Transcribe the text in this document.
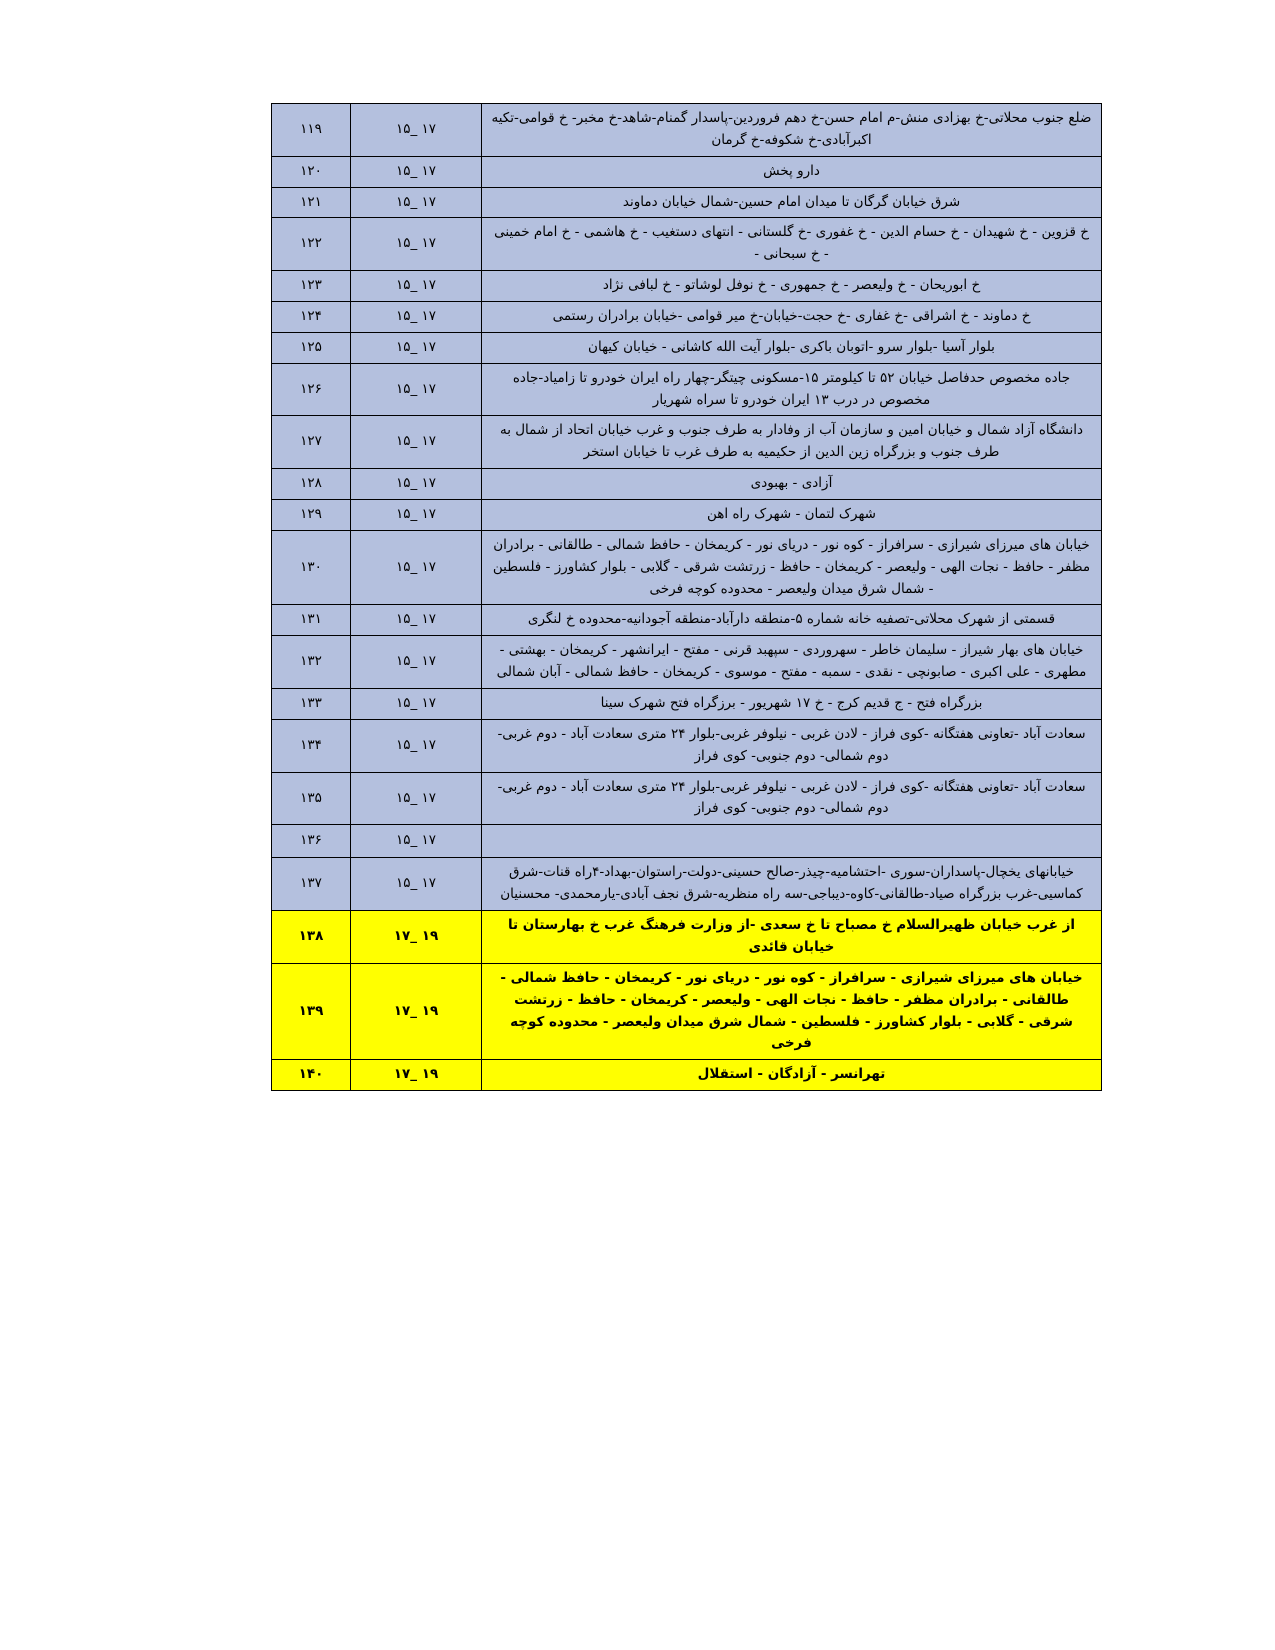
ضلع جنوب محلاتی-خ بهزادی منش-م امام حسن-خ دهم فروردین-پاسدار گمنام-شاهد-خ مخبر- خ قوامی-تکیه اکبرآبادی-خ شکوفه-خ گرمان	۱۷ _۱۵	۱۱۹
دارو پخش	۱۷ _۱۵	۱۲۰
شرق خیابان گرگان تا میدان امام حسین-شمال خیابان دماوند	۱۷ _۱۵	۱۲۱
خ قزوین - خ شهیدان - خ حسام الدین - خ غفوری -خ گلستانی - انتهای دستغیب - خ هاشمی - خ امام خمینی - خ سبحانی -	۱۷ _۱۵	۱۲۲
خ ابوریحان - خ ولیعصر - خ جمهوری - خ نوفل لوشاتو - خ لبافی نژاد	۱۷ _۱۵	۱۲۳
خ دماوند - خ اشراقی -خ غفاری -خ حجت-خیابان-خ میر قوامی -خیابان برادران رستمی	۱۷ _۱۵	۱۲۴
بلوار آسیا -بلوار سرو -اتوبان باکری -بلوار آیت الله کاشانی - خیابان کیهان	۱۷ _۱۵	۱۲۵
جاده مخصوص حدفاصل خیابان ۵۲ تا کیلومتر ۱۵-مسکونی چیتگر-چهار راه ایران خودرو تا زامیاد-جاده مخصوص در درب ۱۳ ایران خودرو تا سراه شهریار	۱۷ _۱۵	۱۲۶
دانشگاه آزاد شمال و خیابان امین و سازمان آب از وفادار به طرف جنوب و غرب خیابان اتحاد از شمال به طرف جنوب و بزرگراه زین الدین از حکیمیه به طرف غرب تا خیابان استخر	۱۷ _۱۵	۱۲۷
آزادی - بهبودی	۱۷ _۱۵	۱۲۸
شهرک لتمان - شهرک راه اهن	۱۷ _۱۵	۱۲۹
خیابان های میرزای شیرازی - سرافراز - کوه نور - دریای نور - کریمخان - حافظ شمالی - طالقانی - برادران مظفر - حافظ - نجات الهی - ولیعصر - کریمخان - حافظ - زرتشت شرقی - گلابی - بلوار کشاورز - فلسطین - شمال شرق میدان ولیعصر - محدوده کوچه فرخی	۱۷ _۱۵	۱۳۰
قسمتی از شهرک محلاتی-تصفیه خانه شماره ۵-منطقه دارآباد-منطقه آجودانیه-محدوده خ لنگری	۱۷ _۱۵	۱۳۱
خیابان های بهار شیراز - سلیمان خاطر - سهروردی - سپهبد قرنی - مفتح - ایرانشهر - کریمخان - بهشتی - مطهری - علی اکبری - صابونچی - نقدی - سمبه - مفتح - موسوی - کریمخان - حافظ شمالی - آبان شمالی	۱۷ _۱۵	۱۳۲
بزرگراه فتح - ج قدیم کرج - خ ۱۷ شهریور - برزگراه فتح شهرک سینا	۱۷ _۱۵	۱۳۳
سعادت آباد -تعاونی هفتگانه -کوی فراز - لادن غربی - نیلوفر غربی-بلوار ۲۴ متری سعادت آباد - دوم غربی-دوم شمالی- دوم جنوبی- کوی فراز	۱۷ _۱۵	۱۳۴
سعادت آباد -تعاونی هفتگانه -کوی فراز - لادن غربی - نیلوفر غربی-بلوار ۲۴ متری سعادت آباد - دوم غربی-دوم شمالی- دوم جنوبی- کوی فراز	۱۷ _۱۵	۱۳۵
	۱۷ _۱۵	۱۳۶
خیابانهای یخچال-پاسداران-سوری -احتشامیه-چیذر-صالح حسینی-دولت-راستوان-بهداد-۴راه قنات-شرق کماسیی-غرب بزرگراه صیاد-طالقانی-کاوه-دیباجی-سه راه منظریه-شرق نجف آبادی-یارمحمدی- محسنیان	۱۷ _۱۵	۱۳۷
از غرب خیابان ظهیرالسلام خ مصباح تا خ سعدی -از وزارت فرهنگ غرب خ بهارستان تا خیابان قائدی	۱۹ _۱۷	۱۳۸
خیابان های میرزای شیرازی - سرافراز - کوه نور - دریای نور - کریمخان - حافظ شمالی - طالقانی - برادران مظفر - حافظ - نجات الهی - ولیعصر - کریمخان - حافظ - زرتشت شرقی - گلابی - بلوار کشاورز - فلسطین - شمال شرق میدان ولیعصر - محدوده کوچه فرخی	۱۹ _۱۷	۱۳۹
تهرانسر - آزادگان - استقلال	۱۹ _۱۷	۱۴۰
